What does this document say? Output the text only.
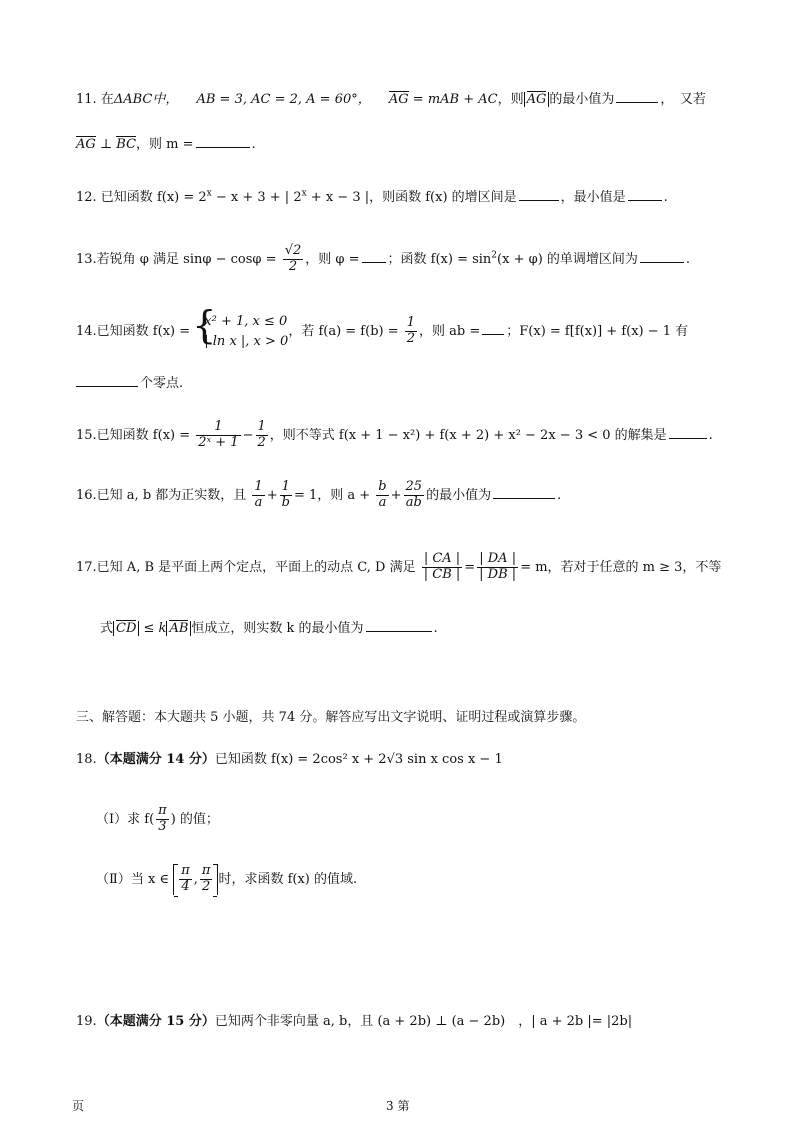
11. 在ΔABC中， AB = 3, AC = 2, A = 60°， AG = mAB + AC，则 AG 的最小值为	，　又若
AG ⊥ BC，则 m =	.
12. 已知函数 $f(x) = 2^x - x + 3$ + | $2^x + x - 3$ |，则函数 f(x) 的增区间是	，最小值是	.
13.若锐角 φ 满足 $\sin\varphi - \cos\varphi = \frac{√2}{2}$ ，则 φ = ；函数 $f(x) = \sin^2(x + \varphi)$ 的单调增区间为	.
14.已知函数 f(x) =
{ x² + 1, x ≤ 0
| ln x |, x > 0
，若 $f(a) = f(b) = \frac{1}{2}$ ，则 ab = ；F(x) = f[f(x)] + f(x) − 1 有
个零点.
15.已知函数 $f(x) = \frac{1}{\text{2ˣ + 1}} - \frac{1}{2}$ ，则不等式 f(x + 1 − x²) + f(x + 2) + x² − 2x − 3 < 0 的解集是	.
16.已知 a, b 都为正实数，且 $\frac{1}{a} + \frac{1}{b} = 1$，则 $a + \frac{b}{a} + \frac{25}{ab}$ 的最小值为	.
17.已知 A, B 是平面上两个定点，平面上的动点 C, D 满足 $\frac{| CA |}{| CB |} = \frac{| DA |}{| DB |} = m$，若对于任意的 m ≥ 3，不等
式 CD ≤ k AB 恒成立，则实数 k 的最小值为	.
三、解答题：本大题共 5 小题，共 74 分。解答应写出文字说明、证明过程或演算步骤。
18.（本题满分 14 分）已知函数 f(x) = 2cos² x + 2√3 sin x cos x − 1
（Ⅰ）求 $f( \frac{\pi}{3}$ ) 的值；
（Ⅱ）当 x ∈ $\frac{\pi}{4}$ , $\frac{\pi}{2}$ 时，求函数 f(x) 的值域.
19.（本题满分 15 分）已知两个非零向量 a, b，且 (a + 2b) ⊥ (a − 2b)　，| a + 2b |= |2b|
页	3 第
